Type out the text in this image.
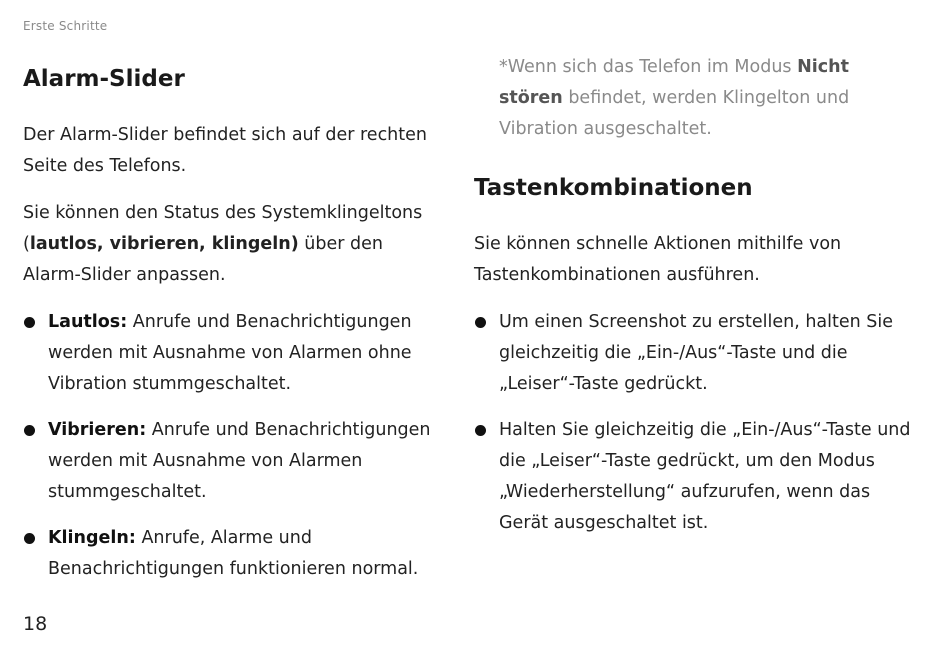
Erste Schritte
Alarm-Slider

Der Alarm-Slider befindet sich auf der rechten Seite des Telefons.

Sie können den Status des Systemklingeltons (lautlos, vibrieren, klingeln) über den Alarm-Slider anpassen.

Lautlos: Anrufe und Benachrichtigungen werden mit Ausnahme von Alarmen ohne Vibration stummgeschaltet.
Vibrieren: Anrufe und Benachrichtigungen werden mit Ausnahme von Alarmen stummgeschaltet.
Klingeln: Anrufe, Alarme und Benachrichtigungen funktionieren normal.

*Wenn sich das Telefon im Modus Nicht stören befindet, werden Klingelton und Vibration ausgeschaltet.

Tastenkombinationen

Sie können schnelle Aktionen mithilfe von Tastenkombinationen ausführen.

Um einen Screenshot zu erstellen, halten Sie gleichzeitig die „Ein-/Aus“-Taste und die „Leiser“-Taste gedrückt.
Halten Sie gleichzeitig die „Ein-/Aus“-Taste und die „Leiser“-Taste gedrückt, um den Modus „Wiederherstellung“ aufzurufen, wenn das Gerät ausgeschaltet ist.
18
